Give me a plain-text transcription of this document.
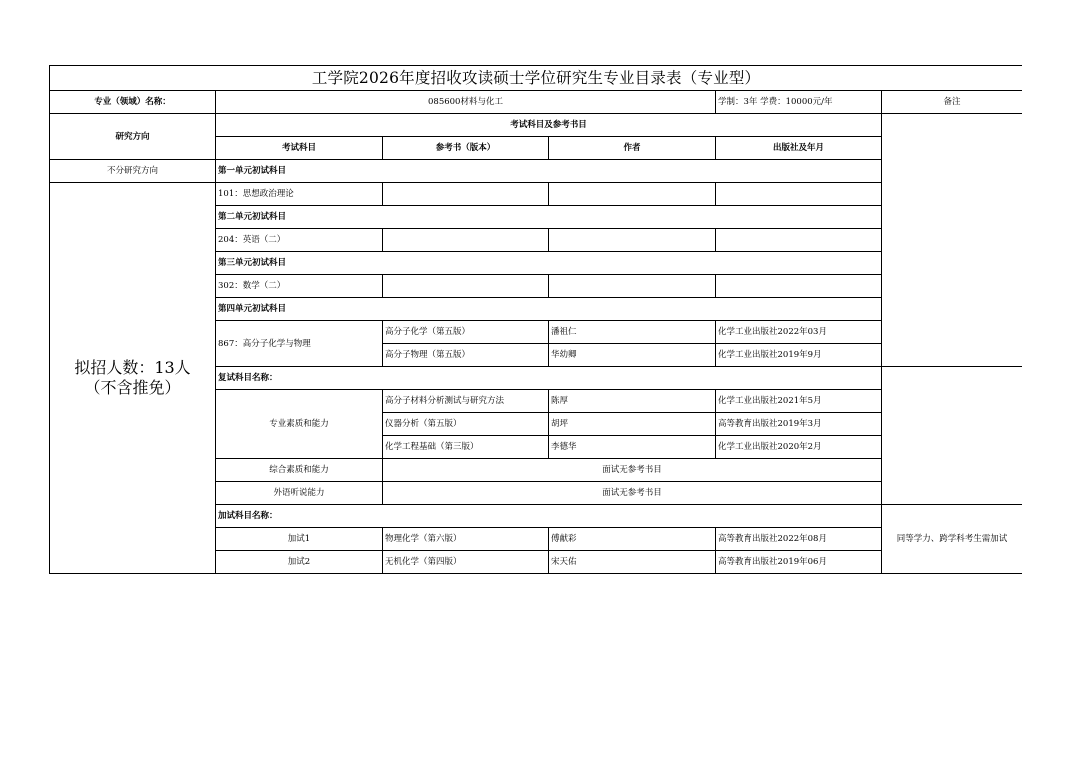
工学院2026年度招收攻读硕士学位研究生专业目录表（专业型）					
专业（领域）名称：	085600材料与化工			学制：3年 学费：10000元/年	备注
研究方向	考试科目及参考书目				
	考试科目	参考书（版本）	作者	出版社及年月	
不分研究方向	第一单元初试科目				
拟招人数：13人
（不含推免）	101：思想政治理论				
	第二单元初试科目				
	204：英语（二）				
	第三单元初试科目				
	302：数学（二）				
	第四单元初试科目				
	867：高分子化学与物理	高分子化学（第五版）	潘祖仁	化学工业出版社2022年03月	
		高分子物理（第五版）	华幼卿	化学工业出版社2019年9月	
	复试科目名称：				
	专业素质和能力	高分子材料分析测试与研究方法	陈厚	化学工业出版社2021年5月	
		仪器分析（第五版）	胡坪	高等教育出版社2019年3月	
		化学工程基础（第三版）	李德华	化学工业出版社2020年2月	
	综合素质和能力	面试无参考书目			
	外语听说能力	面试无参考书目			
	加试科目名称：				同等学力、跨学科考生需加试
	加试1	物理化学（第六版）	傅献彩	高等教育出版社2022年08月	
	加试2	无机化学（第四版）	宋天佑	高等教育出版社2019年06月	
